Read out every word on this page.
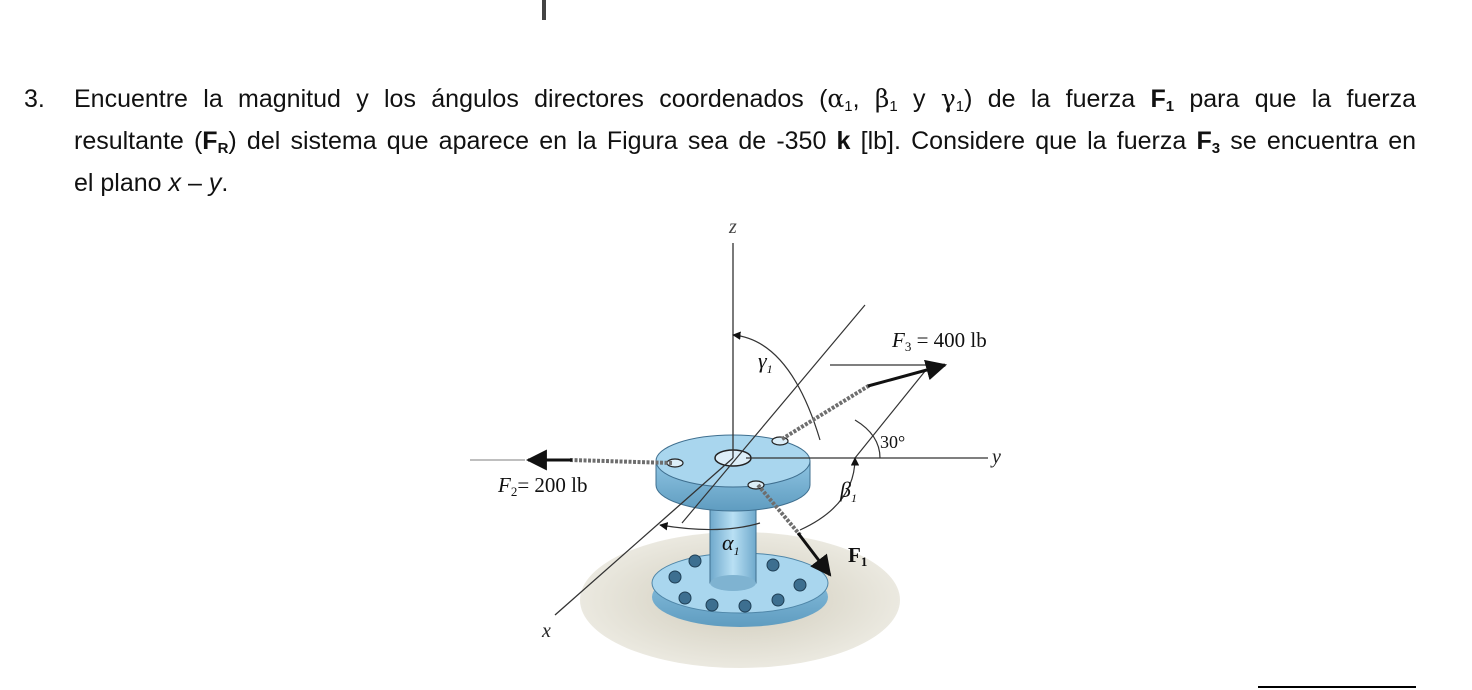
3. Encuentre la magnitud y los ángulos directores coordenados ($\alpha_1$, $\beta_1$ y $\gamma_1$) de la fuerza $F_1$ para que la fuerza
resultante $(F_R)$ del sistema que aparece en la Figura sea de -350 k [lb]. Considere que la fuerza $F_3$ se encuentra en
el plano x – y.
z
y
x
F3 = 400 lb
F2= 200 lb
F1
30°
$\gamma_1$
$\beta_1$
$\alpha_1$
